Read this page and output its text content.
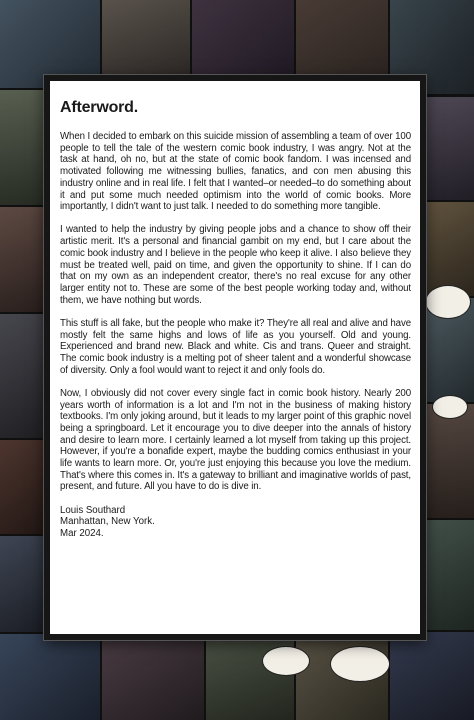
Afterword.

When I decided to embark on this suicide mission of assembling a team of over 100 people to tell the tale of the western comic book industry, I was angry. Not at the task at hand, oh no, but at the state of comic book fandom. I was incensed and motivated following me witnessing bullies, fanatics, and con men abusing this industry online and in real life. I felt that I wanted–or needed–to do something about it and put some much needed optimism into the world of comic books. More importantly, I didn't want to just talk. I needed to do something more tangible.

I wanted to help the industry by giving people jobs and a chance to show off their artistic merit. It's a personal and financial gambit on my end, but I care about the comic book industry and I believe in the people who keep it alive. I also believe they must be treated well, paid on time, and given the opportunity to shine. If I can do that on my own as an independent creator, there's no real excuse for any other larger entity not to. These are some of the best people working today and, without them, we have nothing but words.

This stuff is all fake, but the people who make it? They're all real and alive and have mostly felt the same highs and lows of life as you yourself. Old and young. Experienced and brand new. Black and white. Cis and trans. Queer and straight. The comic book industry is a melting pot of sheer talent and a wonderful showcase of diversity. Only a fool would want to reject it and only fools do.

Now, I obviously did not cover every single fact in comic book history. Nearly 200 years worth of information is a lot and I'm not in the business of making history textbooks. I'm only joking around, but it leads to my larger point of this graphic novel being a springboard. Let it encourage you to dive deeper into the annals of history and desire to learn more. I certainly learned a lot myself from taking up this project. However, if you're a bonafide expert, maybe the budding comics enthusiast in your life wants to learn more. Or, you're just enjoying this because you love the medium. That's where this comes in. It's a gateway to brilliant and imaginative worlds of past, present, and future. All you have to do is dive in.

Louis Southard
Manhattan, New York.
Mar 2024.
